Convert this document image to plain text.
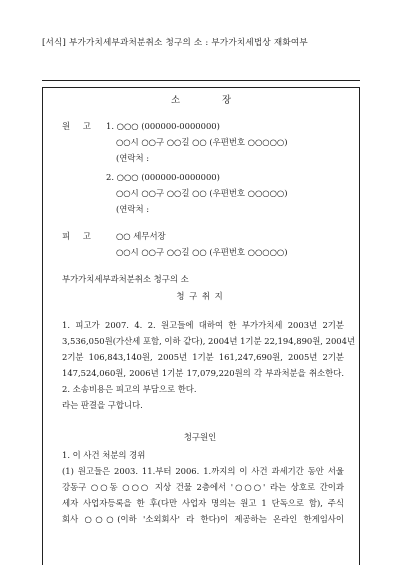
[서식] 부가가치세부과처분취소 청구의 소 : 부가가치세법상 재화여부
소	장
원 고 1. ○○○ (000000-0000000)
○○시 ○○구 ○○길 ○○ (우편번호 ○○○○○)
(연락처 :
2. ○○○ (000000-0000000)
○○시 ○○구 ○○길 ○○ (우편번호 ○○○○○)
(연락처 :
피 고	○○ 세무서장
○○시 ○○구 ○○길 ○○ (우편번호 ○○○○○)
부가가치세부과처분취소 청구의 소
청 구 취 지
1. 피고가 2007. 4. 2. 원고들에 대하여 한 부가가치세 2003년 2기분
3,536,050원(가산세 포함, 이하 같다), 2004년 1기분 22,194,890원, 2004년
2기분 106,843,140원, 2005년 1기분 161,247,690원, 2005년 2기분
147,524,060원, 2006년 1기분 17,079,220원의 각 부과처분을 취소한다.
2. 소송비용은 피고의 부담으로 한다.
라는 판결을 구합니다.
청구원인
1. 이 사건 처분의 경위
(1) 원고들은 2003. 11.부터 2006. 1.까지의 이 사건 과세기간 동안 서울
강동구 ○○동 ○○○ 지상 건물 2층에서 '○○○' 라는 상호로 간이과
세자 사업자등록을 한 후(다만 사업자 명의는 원고 1 단독으로 함), 주식
회사 ○○○(이하 '소외회사' 라 한다)이 제공하는 온라인 한게임사이
